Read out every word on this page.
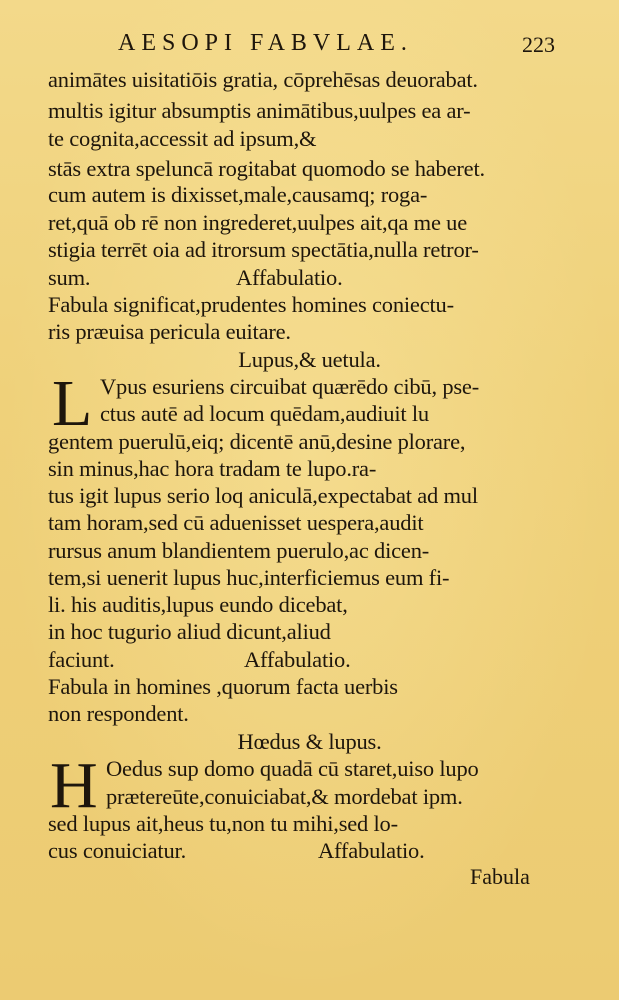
AESOPI FABVLAE.	223
animātes uisitatiōis gratia, cōprehēsas deuorabat.
multis igitur absumptis animātibus,uulpes ea ar-
te cognita,accessit ad ipsum,&
stās extra speluncā rogitabat quomodo se haberet.
cum autem is dixisset,male,causamq; roga-
ret,quā ob rē non ingrederet,uulpes ait,qa me ue
stigia terrēt oia ad itrorsum spectātia,nulla retror-
sum.	Affabulatio.
Fabula significat,prudentes homines coniectu-
ris præuisa pericula euitare.
Lupus,& uetula.
L Vpus esuriens circuibat quærēdo cibū, pse-
ctus autē ad locum quēdam,audiuit lu
gentem puerulū,eiq; dicentē anū,desine plorare,
sin minus,hac hora tradam te lupo.ra-
tus igit lupus serio loq aniculā,expectabat ad mul
tam horam,sed cū aduenisset uespera,audit
rursus anum blandientem puerulo,ac dicen-
tem,si uenerit lupus huc,interficiemus eum fi-
li. his auditis,lupus eundo dicebat,
in hoc tugurio aliud dicunt,aliud
faciunt.	Affabulatio.
Fabula in homines ,quorum facta uerbis
non respondent.
Hœdus & lupus.
H Oedus sup domo quadā cū staret,uiso lupo
prætereūte,conuiciabat,& mordebat ipm.
sed lupus ait,heus tu,non tu mihi,sed lo-
cus conuiciatur.	Affabulatio.
Fabula
